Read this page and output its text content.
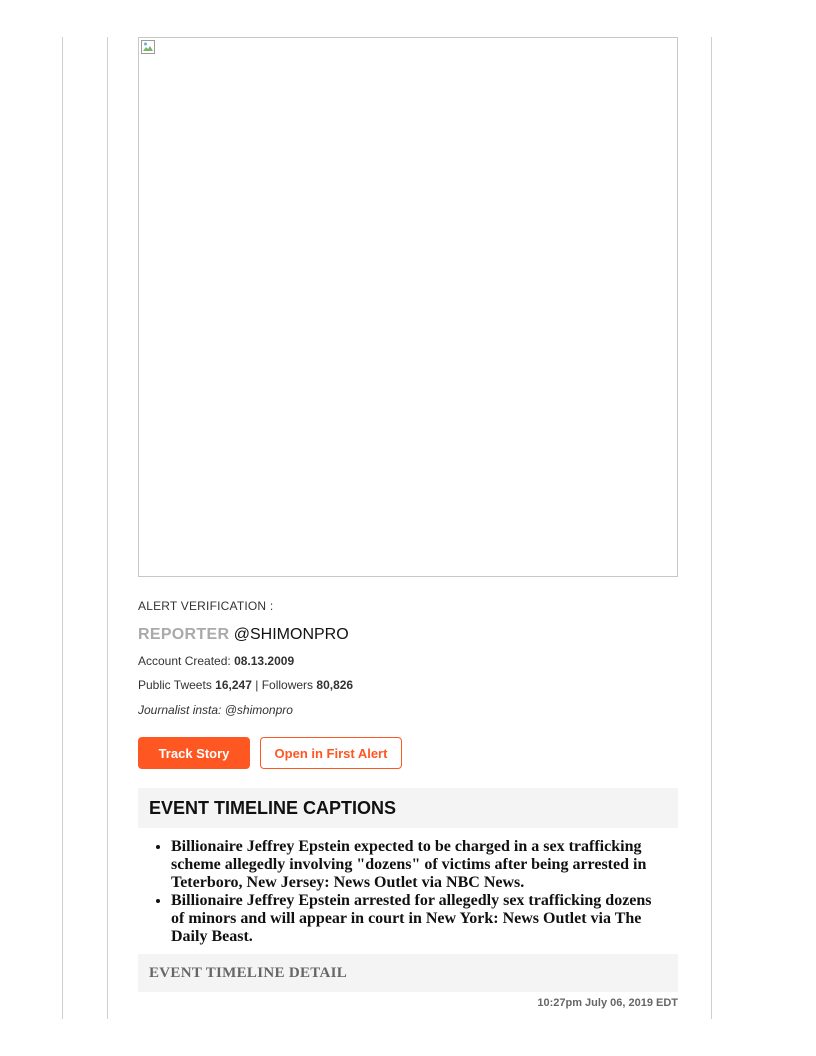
ALERT VERIFICATION :
REPORTER @SHIMONPRO
Account Created: 08.13.2009
Public Tweets 16,247 | Followers 80,826
Journalist insta: @shimonpro
Track Story	Open in First Alert
EVENT TIMELINE CAPTIONS
• Billionaire Jeffrey Epstein expected to be charged in a sex trafficking scheme allegedly involving "dozens" of victims after being arrested in Teterboro, New Jersey: News Outlet via NBC News.
• Billionaire Jeffrey Epstein arrested for allegedly sex trafficking dozens of minors and will appear in court in New York: News Outlet via The Daily Beast.
EVENT TIMELINE DETAIL
10:27pm July 06, 2019 EDT
